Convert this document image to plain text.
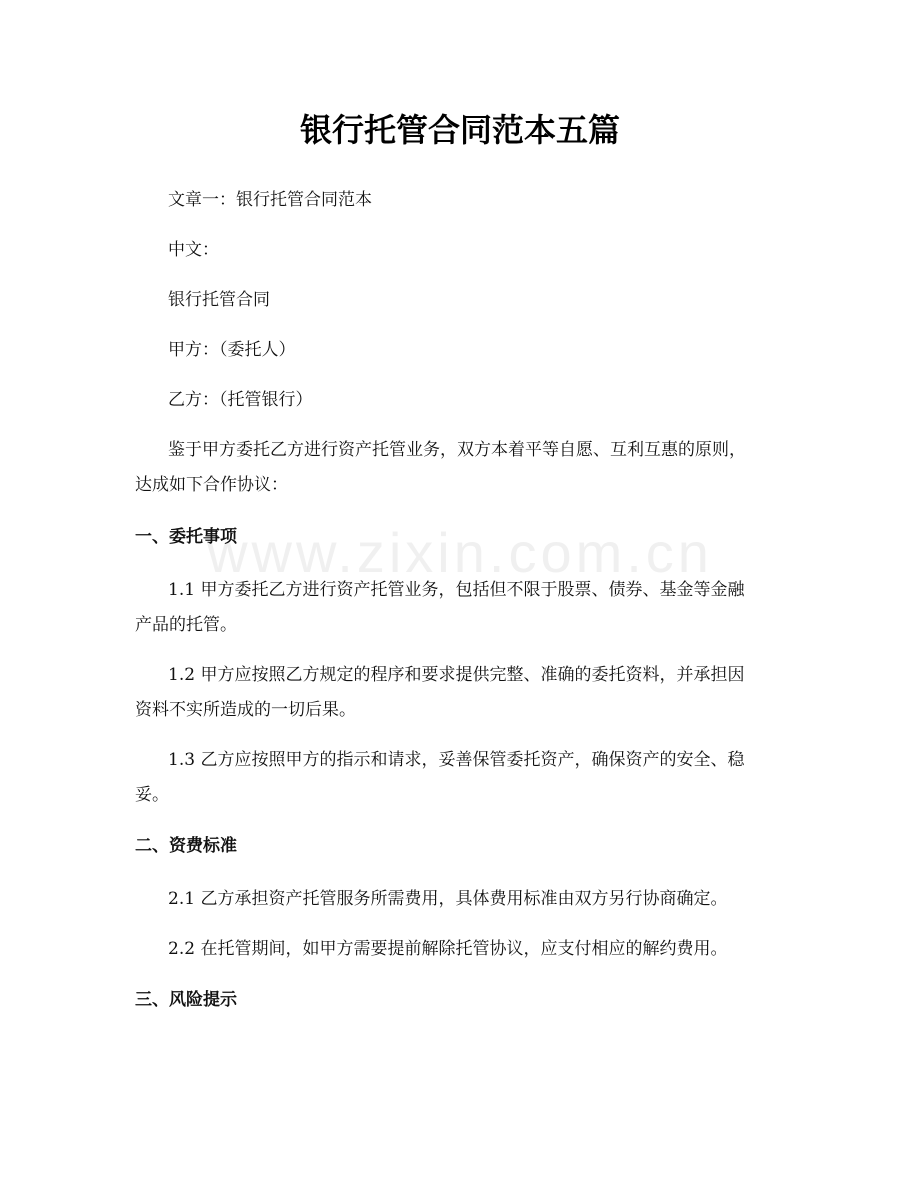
www.zixin.com.cn
银行托管合同范本五篇

文章一：银行托管合同范本

中文：

银行托管合同

甲方：（委托人）

乙方：（托管银行）

鉴于甲方委托乙方进行资产托管业务，双方本着平等自愿、互利互惠的原则，

达成如下合作协议：

一、委托事项

1.1 甲方委托乙方进行资产托管业务，包括但不限于股票、债券、基金等金融

产品的托管。

1.2 甲方应按照乙方规定的程序和要求提供完整、准确的委托资料，并承担因

资料不实所造成的一切后果。

1.3 乙方应按照甲方的指示和请求，妥善保管委托资产，确保资产的安全、稳

妥。

二、资费标准

2.1 乙方承担资产托管服务所需费用，具体费用标准由双方另行协商确定。

2.2 在托管期间，如甲方需要提前解除托管协议，应支付相应的解约费用。

三、风险提示
